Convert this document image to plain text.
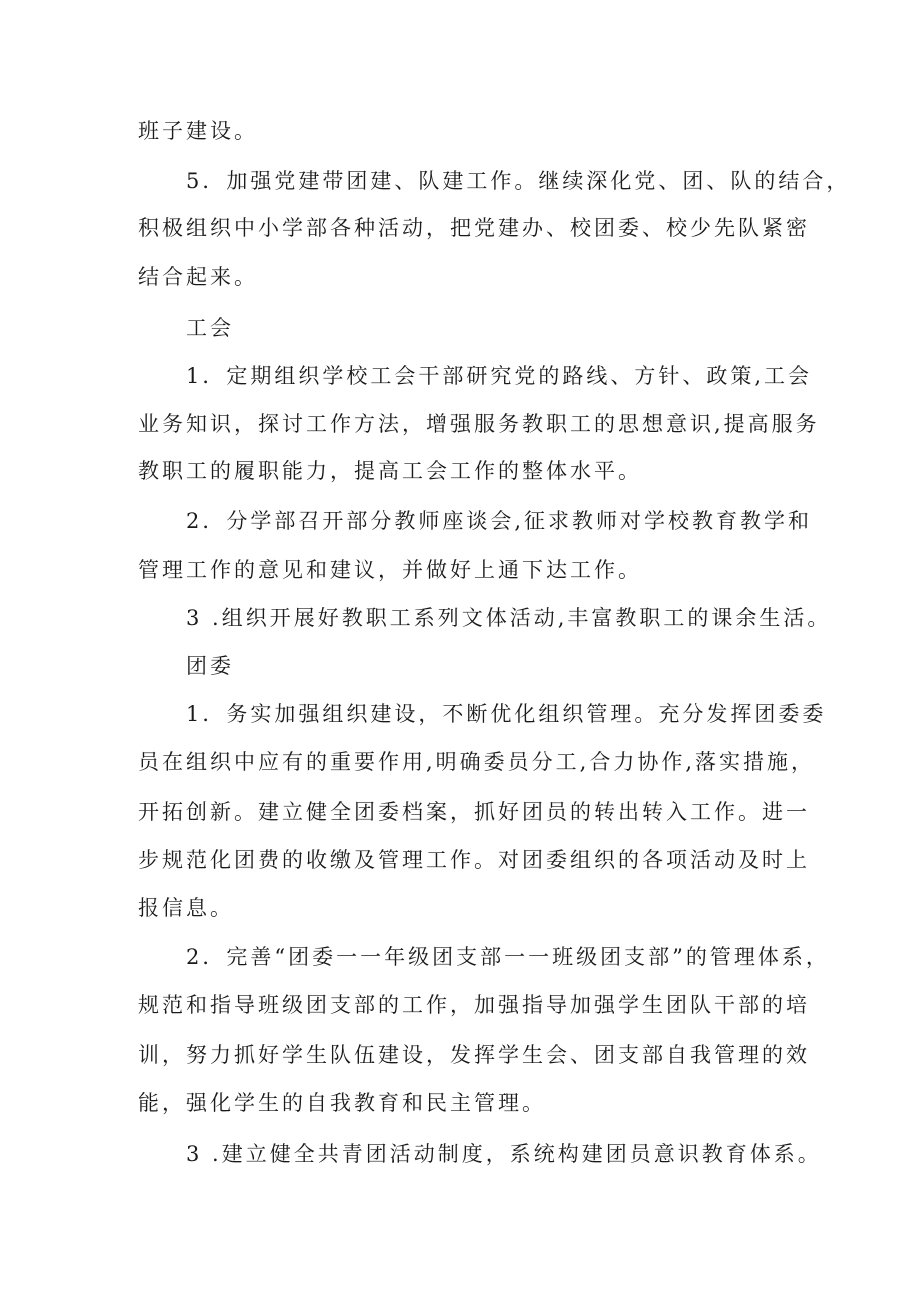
班子建设。
5．加强党建带团建、队建工作。继续深化党、团、队的结合，
积极组织中小学部各种活动，把党建办、校团委、校少先队紧密
结合起来。
工会
1．定期组织学校工会干部研究党的路线、方针、政策,工会
业务知识，探讨工作方法，增强服务教职工的思想意识,提高服务
教职工的履职能力，提高工会工作的整体水平。
2．分学部召开部分教师座谈会,征求教师对学校教育教学和
管理工作的意见和建议，并做好上通下达工作。
3 .组织开展好教职工系列文体活动,丰富教职工的课余生活。
团委
1．务实加强组织建设，不断优化组织管理。充分发挥团委委
员在组织中应有的重要作用,明确委员分工,合力协作,落实措施，
开拓创新。建立健全团委档案，抓好团员的转出转入工作。进一
步规范化团费的收缴及管理工作。对团委组织的各项活动及时上
报信息。
2．完善“团委一一年级团支部一一班级团支部”的管理体系，
规范和指导班级团支部的工作，加强指导加强学生团队干部的培
训，努力抓好学生队伍建设，发挥学生会、团支部自我管理的效
能，强化学生的自我教育和民主管理。
3 .建立健全共青团活动制度，系统构建团员意识教育体系。
